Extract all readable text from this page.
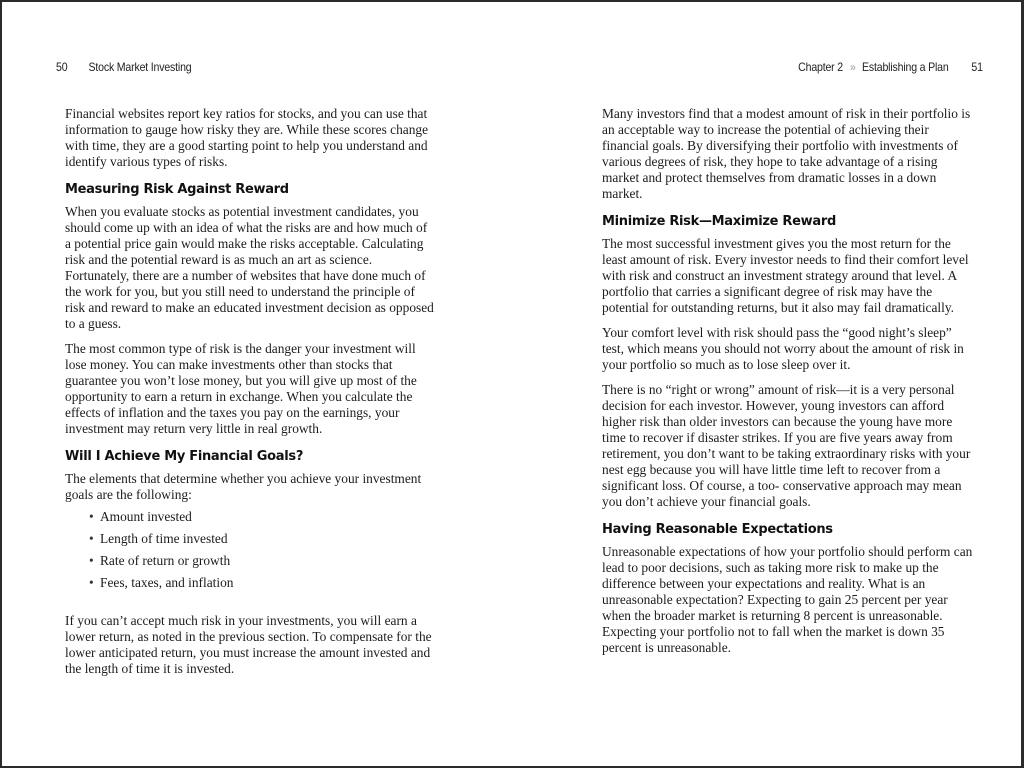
50 Stock Market Investing

Financial websites report key ratios for stocks, and you can use that information to gauge how risky they are. While these scores change with time, they are a good starting point to help you understand and identify various types of risks.

Measuring Risk Against Reward

When you evaluate stocks as potential investment candidates, you should come up with an idea of what the risks are and how much of a potential price gain would make the risks acceptable. Calculating risk and the potential reward is as much an art as science. Fortunately, there are a number of websites that have done much of the work for you, but you still need to understand the principle of risk and reward to make an educated investment decision as opposed to a guess.

The most common type of risk is the danger your investment will lose money. You can make investments other than stocks that guarantee you won’t lose money, but you will give up most of the opportunity to earn a return in exchange. When you calculate the effects of inflation and the taxes you pay on the earnings, your investment may return very little in real growth.

Will I Achieve My Financial Goals?

The elements that determine whether you achieve your investment goals are the following:

• Amount invested
• Length of time invested
• Rate of return or growth
• Fees, taxes, and inflation

If you can’t accept much risk in your investments, you will earn a lower return, as noted in the previous section. To compensate for the lower anticipated return, you must increase the amount invested and the length of time it is invested.

Chapter 2 » Establishing a Plan 51

Many investors find that a modest amount of risk in their portfolio is an acceptable way to increase the potential of achieving their financial goals. By diversifying their portfolio with investments of various degrees of risk, they hope to take advantage of a rising market and protect themselves from dramatic losses in a down market.

Minimize Risk—Maximize Reward

The most successful investment gives you the most return for the least amount of risk. Every investor needs to find their comfort level with risk and construct an investment strategy around that level. A portfolio that carries a significant degree of risk may have the potential for outstanding returns, but it also may fail dramatically.

Your comfort level with risk should pass the “good night’s sleep” test, which means you should not worry about the amount of risk in your portfolio so much as to lose sleep over it.

There is no “right or wrong” amount of risk—it is a very personal decision for each investor. However, young investors can afford higher risk than older investors can because the young have more time to recover if disaster strikes. If you are five years away from retirement, you don’t want to be taking extraordinary risks with your nest egg because you will have little time left to recover from a significant loss. Of course, a too- conservative approach may mean you don’t achieve your financial goals.

Having Reasonable Expectations

Unreasonable expectations of how your portfolio should perform can lead to poor decisions, such as taking more risk to make up the difference between your expectations and reality. What is an unreasonable expectation? Expecting to gain 25 percent per year when the broader market is returning 8 percent is unreasonable. Expecting your portfolio not to fall when the market is down 35 percent is unreasonable.
